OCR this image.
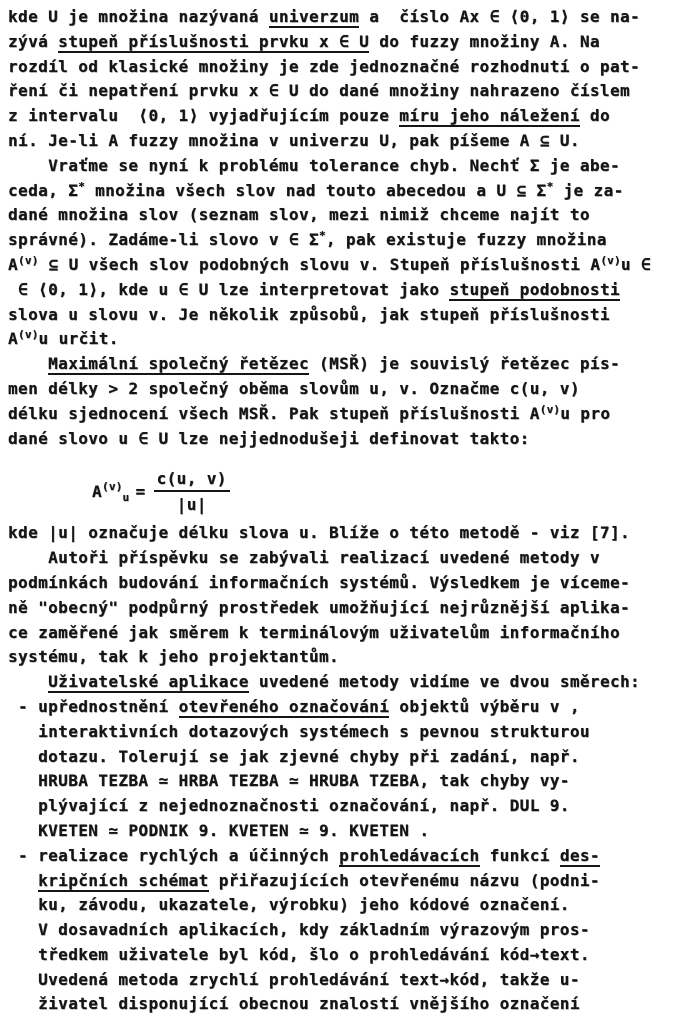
kde U je množina nazývaná univerzum a  číslo Ax ∈ ⟨0, 1⟩ se na-
zývá stupeň příslušnosti prvku x ∈ U do fuzzy množiny A. Na
rozdíl od klasické množiny je zde jednoznačné rozhodnutí o pat-
ření či nepatření prvku x ∈ U do dané množiny nahrazeno číslem
z intervalu  ⟨0, 1⟩ vyjadřujícím pouze míru jeho náležení do
ní. Je-li A fuzzy množina v univerzu U, pak píšeme A ⊆ U.
Vraťme se nyní k problému tolerance chyb. Nechť Σ je abe-
ceda, Σ* množina všech slov nad touto abecedou a U ⊆ Σ* je za-
dané množina slov (seznam slov, mezi nimiž chceme najít to
správné). Zadáme-li slovo v ∈ Σ*, pak existuje fuzzy množina
$A^{(v)}$ ⊆ U všech slov podobných slovu v. Stupeň příslušnosti $A^{(v)}u$ ∈
∈ ⟨0, 1⟩, kde u ∈ U lze interpretovat jako stupeň podobnosti
slova u slovu v. Je několik způsobů, jak stupeň příslušnosti
$A^{(v)}u$ určit.
Maximální společný řetězec (MSŘ) je souvislý řetězec pís-
men délky > 2 společný oběma slovům u, v. Označme c(u, v)
délku sjednocení všech MSŘ. Pak stupeň příslušnosti $A^{(v)}u$ pro
dané slovo u ∈ U lze nejjednodušeji definovat takto:
$A^{(v)}_u = \frac{c(u, v)}{|u|}$
kde |u| označuje délku slova u. Blíže o této metodě - viz [7].
Autoři příspěvku se zabývali realizací uvedené metody v
podmínkách budování informačních systémů. Výsledkem je víceme-
ně "obecný" podpůrný prostředek umožňující nejrůznější aplika-
ce zaměřené jak směrem k terminálovým uživatelům informačního
systému, tak k jeho projektantům.
Uživatelské aplikace uvedené metody vidíme ve dvou směrech:
- upřednostnění otevřeného označování objektů výběru v ,
interaktivních dotazových systémech s pevnou strukturou
dotazu. Tolerují se jak zjevné chyby při zadání, např.
HRUBA TEZBA ≃ HRBA TEZBA ≃ HRUBA TZEBA, tak chyby vy-
plývající z nejednoznačnosti označování, např. DUL 9.
KVETEN ≃ PODNIK 9. KVETEN ≃ 9. KVETEN .
- realizace rychlých a účinných prohledávacích funkcí des-
kripčních schémat přiřazujících otevřenému názvu (podni-
ku, závodu, ukazatele, výrobku) jeho kódové označení.
V dosavadních aplikacích, kdy základním výrazovým pros-
tředkem uživatele byl kód, šlo o prohledávání kód→text.
Uvedená metoda zrychlí prohledávání text→kód, takže u-
živatel disponující obecnou znalostí vnějšího označení
